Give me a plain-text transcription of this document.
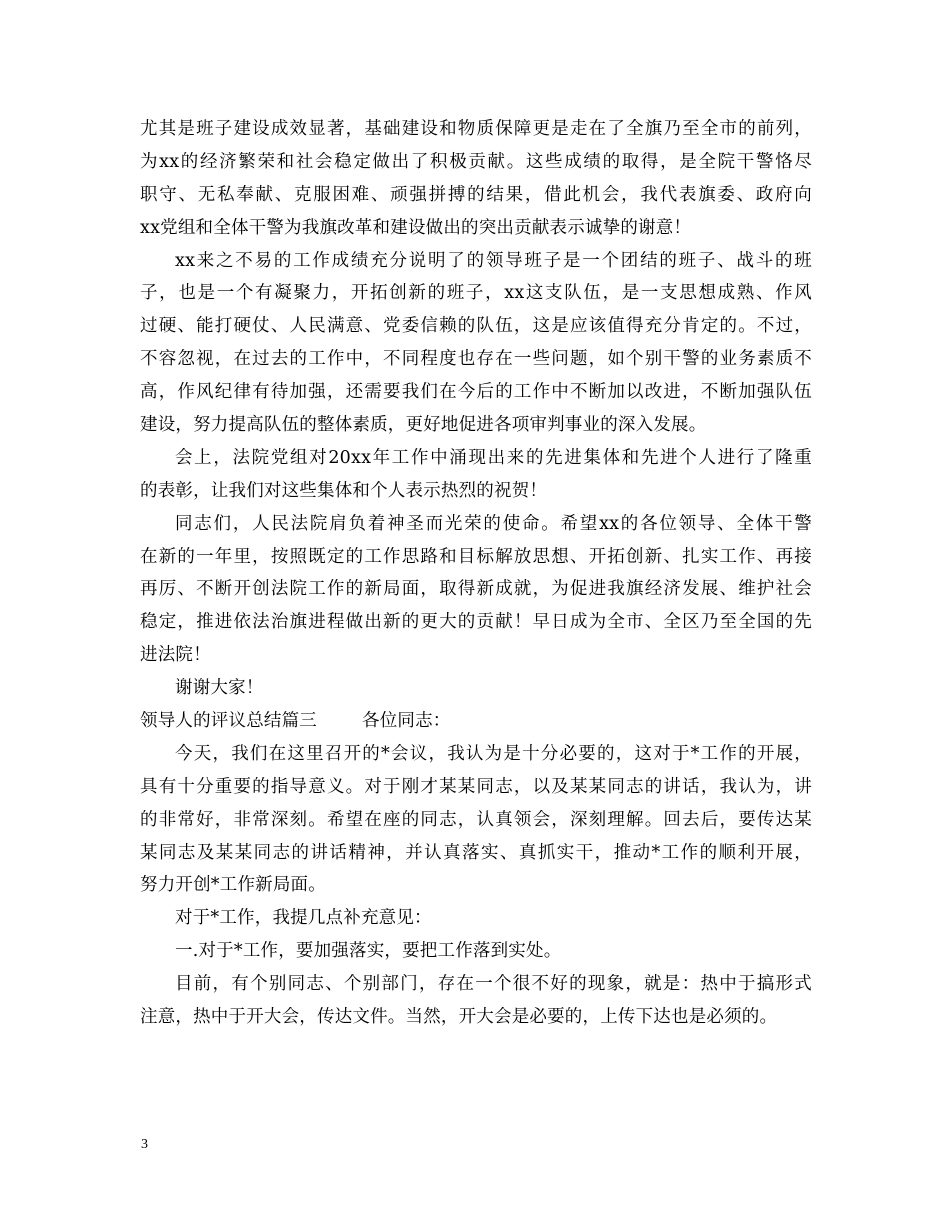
尤其是班子建设成效显著，基础建设和物质保障更是走在了全旗乃至全市的前列，
为xx的经济繁荣和社会稳定做出了积极贡献。这些成绩的取得，是全院干警恪尽
职守、无私奉献、克服困难、顽强拼搏的结果，借此机会，我代表旗委、政府向
xx党组和全体干警为我旗改革和建设做出的突出贡献表示诚挚的谢意！
xx来之不易的工作成绩充分说明了的领导班子是一个团结的班子、战斗的班
子，也是一个有凝聚力，开拓创新的班子，xx这支队伍，是一支思想成熟、作风
过硬、能打硬仗、人民满意、党委信赖的队伍，这是应该值得充分肯定的。不过，
不容忽视，在过去的工作中，不同程度也存在一些问题，如个别干警的业务素质不
高，作风纪律有待加强，还需要我们在今后的工作中不断加以改进，不断加强队伍
建设，努力提高队伍的整体素质，更好地促进各项审判事业的深入发展。
会上，法院党组对20xx年工作中涌现出来的先进集体和先进个人进行了隆重
的表彰，让我们对这些集体和个人表示热烈的祝贺！
同志们，人民法院肩负着神圣而光荣的使命。希望xx的各位领导、全体干警
在新的一年里，按照既定的工作思路和目标解放思想、开拓创新、扎实工作、再接
再厉、不断开创法院工作的新局面，取得新成就，为促进我旗经济发展、维护社会
稳定，推进依法治旗进程做出新的更大的贡献！早日成为全市、全区乃至全国的先
进法院！
谢谢大家！
领导人的评议总结篇三	各位同志：
今天，我们在这里召开的*会议，我认为是十分必要的，这对于*工作的开展，
具有十分重要的指导意义。对于刚才某某同志，以及某某同志的讲话，我认为，讲
的非常好，非常深刻。希望在座的同志，认真领会，深刻理解。回去后，要传达某
某同志及某某同志的讲话精神，并认真落实、真抓实干，推动*工作的顺利开展，
努力开创*工作新局面。
对于*工作，我提几点补充意见：
一.对于*工作，要加强落实，要把工作落到实处。
目前，有个别同志、个别部门，存在一个很不好的现象，就是：热中于搞形式
注意，热中于开大会，传达文件。当然，开大会是必要的，上传下达也是必须的。
3
